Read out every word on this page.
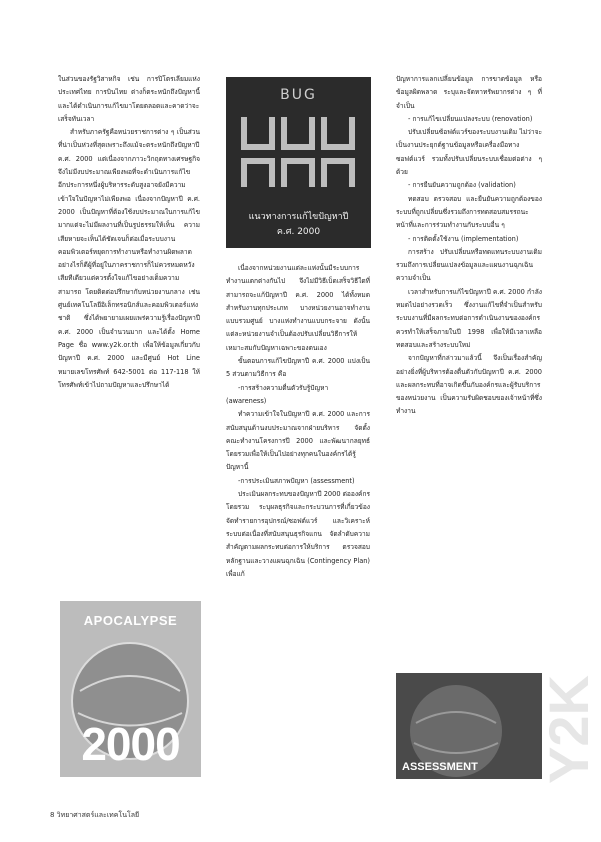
ในส่วนของรัฐวิสาหกิจ เช่น การปิโตรเลียมแห่งประเทศไทย การบินไทย ต่างก็ตระหนักถึงปัญหานี้และได้ดำเนินการแก้ไขมาโดยตลอดและคาดว่าจะเสร็จทันเวลา

สำหรับภาครัฐคือหน่วยราชการต่าง ๆ เป็นส่วนที่น่าเป็นห่วงที่สุดเพราะถึงแม้จะตระหนักถึงปัญหาปี ค.ศ. 2000 แต่เนื่องจากภาวะวิกฤตทางเศรษฐกิจ จึงไม่มีงบประมาณเพียงพอที่จะดำเนินการแก้ไข อีกประการหนึ่งผู้บริหารระดับสูงอาจยังมีความเข้าใจในปัญหาไม่เพียงพอ เนื่องจากปัญหาปี ค.ศ. 2000 เป็นปัญหาที่ต้องใช้งบประมาณในการแก้ไขมากแต่จะไม่มีผลงานที่เป็นรูปธรรมให้เห็น ความเสียหายจะเห็นได้ชัดเจนก็ต่อเมื่อระบบงานคอมพิวเตอร์หยุดการทำงานหรือทำงานผิดพลาด อย่างไรก็ดีผู้ที่อยู่ในภาคราชการก็ไม่ควรหมดหวังเสียทีเดียวแต่ควรตั้งใจแก้ไขอย่างเต็มความสามารถ โดยติดต่อปรึกษากับหน่วยงานกลาง เช่น ศูนย์เทคโนโลยีอิเล็กทรอนิกส์และคอมพิวเตอร์แห่งชาติ ซึ่งได้พยายามเผยแพร่ความรู้เรื่องปัญหาปี ค.ศ. 2000 เป็นจำนวนมาก และได้ตั้ง Home Page ชื่อ www.y2k.or.th เพื่อให้ข้อมูลเกี่ยวกับปัญหาปี ค.ศ. 2000 และมีศูนย์ Hot Line หมายเลขโทรศัพท์ 642-5001 ต่อ 117-118 ให้โทรศัพท์เข้าไปถามปัญหาและปรึกษาได้

BUG
แนวทางการแก้ไขปัญหาปี
ค.ศ. 2000

เนื่องจากหน่วยงานแต่ละแห่งนั้นมีระบบการทำงานแตกต่างกันไป จึงไม่มีวิธีเบ็ดเสร็จวิธีใดที่สามารถจะแก้ปัญหาปี ค.ศ. 2000 ได้ทั้งหมดสำหรับงานทุกประเภท บางหน่วยงานอาจทำงานแบบรวมศูนย์ บางแห่งทำงานแบบกระจาย ดังนั้นแต่ละหน่วยงานจำเป็นต้องปรับเปลี่ยนวิธีการให้เหมาะสมกับปัญหาเฉพาะของตนเอง

ขั้นตอนการแก้ไขปัญหาปี ค.ศ. 2000 แบ่งเป็น 5 ส่วนตามวิธีการ คือ

-การสร้างความตื่นตัวรับรู้ปัญหา (awareness)

ทำความเข้าใจในปัญหาปี ค.ศ. 2000 และการสนับสนุนด้านงบประมาณจากฝ่ายบริหาร จัดตั้งคณะทำงานโครงการปี 2000 และพัฒนากลยุทธ์โดยรวมเพื่อให้เป็นไปอย่างทุกคนในองค์กรได้รู้ปัญหานี้

-การประเมินสภาพปัญหา (assessment)

ประเมินผลกระทบของปัญหาปี 2000 ต่อองค์กรโดยรวม ระบุผลธุรกิจและกระบวนการที่เกี่ยวข้อง จัดทำรายการอุปกรณ์/ซอฟต์แวร์ และวิเคราะห์ระบบต่อเนื่องที่สนับสนุนธุรกิจแกน จัดลำดับความสำคัญตามผลกระทบต่อการให้บริการ ตรวจสอบหลักฐานและวางแผนฉุกเฉิน (Contingency Plan) เพื่อแก้

ปัญหาการแลกเปลี่ยนข้อมูล การขาดข้อมูล หรือข้อมูลผิดพลาด ระบุและจัดหาทรัพยากรต่าง ๆ ที่จำเป็น

- การแก้ไขเปลี่ยนแปลงระบบ (renovation)

ปรับเปลี่ยนซ้อฟต์แวร์ของระบบงานเดิม ไม่ว่าจะเป็นงานประยุกต์ฐานข้อมูลหรือเครื่องมือทางซอฟต์แวร์ รวมทั้งปรับเปลี่ยนระบบเชื่อมต่อต่าง ๆ ด้วย

- การยืนยันความถูกต้อง (validation)

ทดสอบ ตรวจสอบ และยืนยันความถูกต้องของระบบที่ถูกเปลี่ยนซึ่งรวมถึงการทดสอบสมรรถนะ หน้าที่และการร่วมทำงานกับระบบอื่น ๆ

- การติดตั้งใช้งาน (implementation)

การสร้าง ปรับเปลี่ยนหรือทดแทนระบบงานเดิม รวมถึงการเปลี่ยนแปลงข้อมูลและแผนงานฉุกเฉินความจำเป็น

เวลาสำหรับการแก้ไขปัญหาปี ค.ศ. 2000 กำลังหมดไปอย่างรวดเร็ว ซึ่งงานแก้ไขที่จำเป็นสำหรับระบบงานที่มีผลกระทบต่อการดำเนินงานขององค์กรควรทำให้เสร็จภายในปี 1998 เพื่อให้มีเวลาเหลือทดสอบและสร้างระบบใหม่

จากปัญหาที่กล่าวมาแล้วนี้ จึงเป็นเรื่องสำคัญอย่างยิ่งที่ผู้บริหารต้องตื่นตัวกับปัญหาปี ค.ศ. 2000 และผลกระทบที่อาจเกิดขึ้นกับองค์กรและผู้รับบริการของหน่วยงาน เป็นความรับผิดชอบของเจ้าหน้าที่ซึ่งทำงาน

APOCALYPSE
2000	Y2K
ASSESSMENT
8 วิทยาศาสตร์และเทคโนโลยี
